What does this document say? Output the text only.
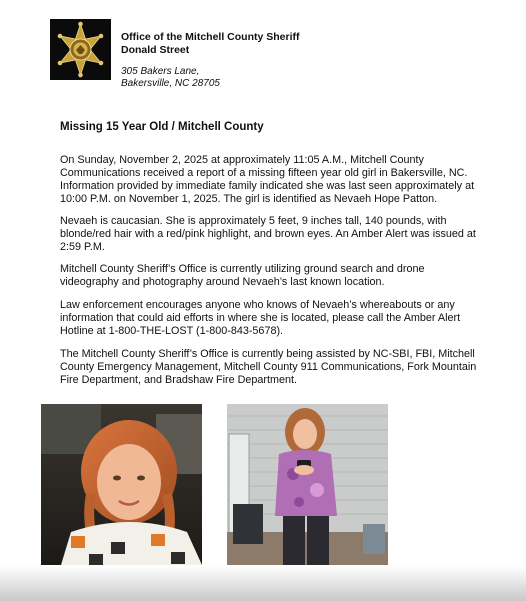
Office of the Mitchell County Sheriff
Donald Street
305 Bakers Lane,
Bakersville, NC 28705
Missing 15 Year Old / Mitchell County

On Sunday, November 2, 2025 at approximately 11:05 A.M., Mitchell County Communications received a report of a missing fifteen year old girl in Bakersville, NC. Information provided by immediate family indicated she was last seen approximately at 10:00 P.M. on November 1, 2025. The girl is identified as Nevaeh Hope Patton.

Nevaeh is caucasian. She is approximately 5 feet, 9 inches tall, 140 pounds, with blonde/red hair with a red/pink highlight, and brown eyes. An Amber Alert was issued at 2:59 P.M.

Mitchell County Sheriff’s Office is currently utilizing ground search and drone videography and photography around Nevaeh’s last known location.

Law enforcement encourages anyone who knows of Nevaeh’s whereabouts or any information that could aid efforts in where she is located, please call the Amber Alert Hotline at 1-800-THE-LOST (1-800-843-5678).

The Mitchell County Sheriff’s Office is currently being assisted by NC-SBI, FBI, Mitchell County Emergency Management, Mitchell County 911 Communications, Fork Mountain Fire Department, and Bradshaw Fire Department.
